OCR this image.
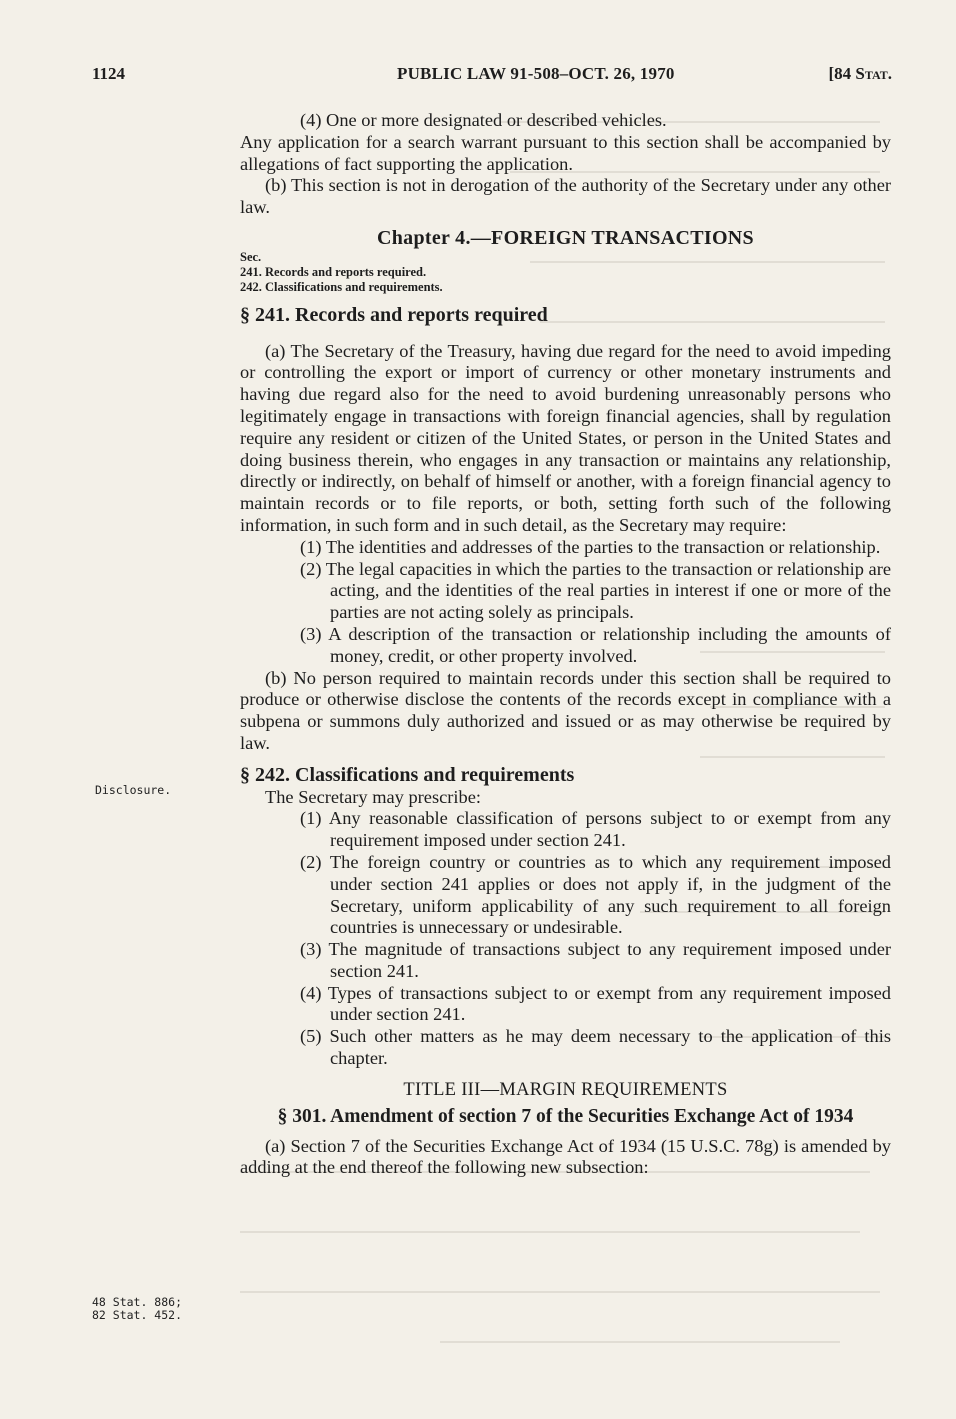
1124	PUBLIC LAW 91-508–OCT. 26, 1970	[84 Stat.

(4) One or more designated or described vehicles.

Any application for a search warrant pursuant to this section shall be accompanied by allegations of fact supporting the application.

(b) This section is not in derogation of the authority of the Secretary under any other law.

Chapter 4.—FOREIGN TRANSACTIONS

Sec.

241. Records and reports required.

242. Classifications and requirements.

§ 241. Records and reports required

(a) The Secretary of the Treasury, having due regard for the need to avoid impeding or controlling the export or import of currency or other monetary instruments and having due regard also for the need to avoid burdening unreasonably persons who legitimately engage in transactions with foreign financial agencies, shall by regulation require any resident or citizen of the United States, or person in the United States and doing business therein, who engages in any transaction or maintains any relationship, directly or indirectly, on behalf of himself or another, with a foreign financial agency to maintain records or to file reports, or both, setting forth such of the following information, in such form and in such detail, as the Secretary may require:

(1) The identities and addresses of the parties to the transaction or relationship.

(2) The legal capacities in which the parties to the transaction or relationship are acting, and the identities of the real parties in interest if one or more of the parties are not acting solely as principals.

(3) A description of the transaction or relationship including the amounts of money, credit, or other property involved.

(b) No person required to maintain records under this section shall be required to produce or otherwise disclose the contents of the records except in compliance with a subpena or summons duly authorized and issued or as may otherwise be required by law.

§ 242. Classifications and requirements

The Secretary may prescribe:

(1) Any reasonable classification of persons subject to or exempt from any requirement imposed under section 241.

(2) The foreign country or countries as to which any requirement imposed under section 241 applies or does not apply if, in the judgment of the Secretary, uniform applicability of any such requirement to all foreign countries is unnecessary or undesirable.

(3) The magnitude of transactions subject to any requirement imposed under section 241.

(4) Types of transactions subject to or exempt from any requirement imposed under section 241.

(5) Such other matters as he may deem necessary to the application of this chapter.

TITLE III—MARGIN REQUIREMENTS

§ 301. Amendment of section 7 of the Securities Exchange Act of 1934

(a) Section 7 of the Securities Exchange Act of 1934 (15 U.S.C. 78g) is amended by adding at the end thereof the following new subsection:

Disclosure.
48 Stat. 886;
82 Stat. 452.
